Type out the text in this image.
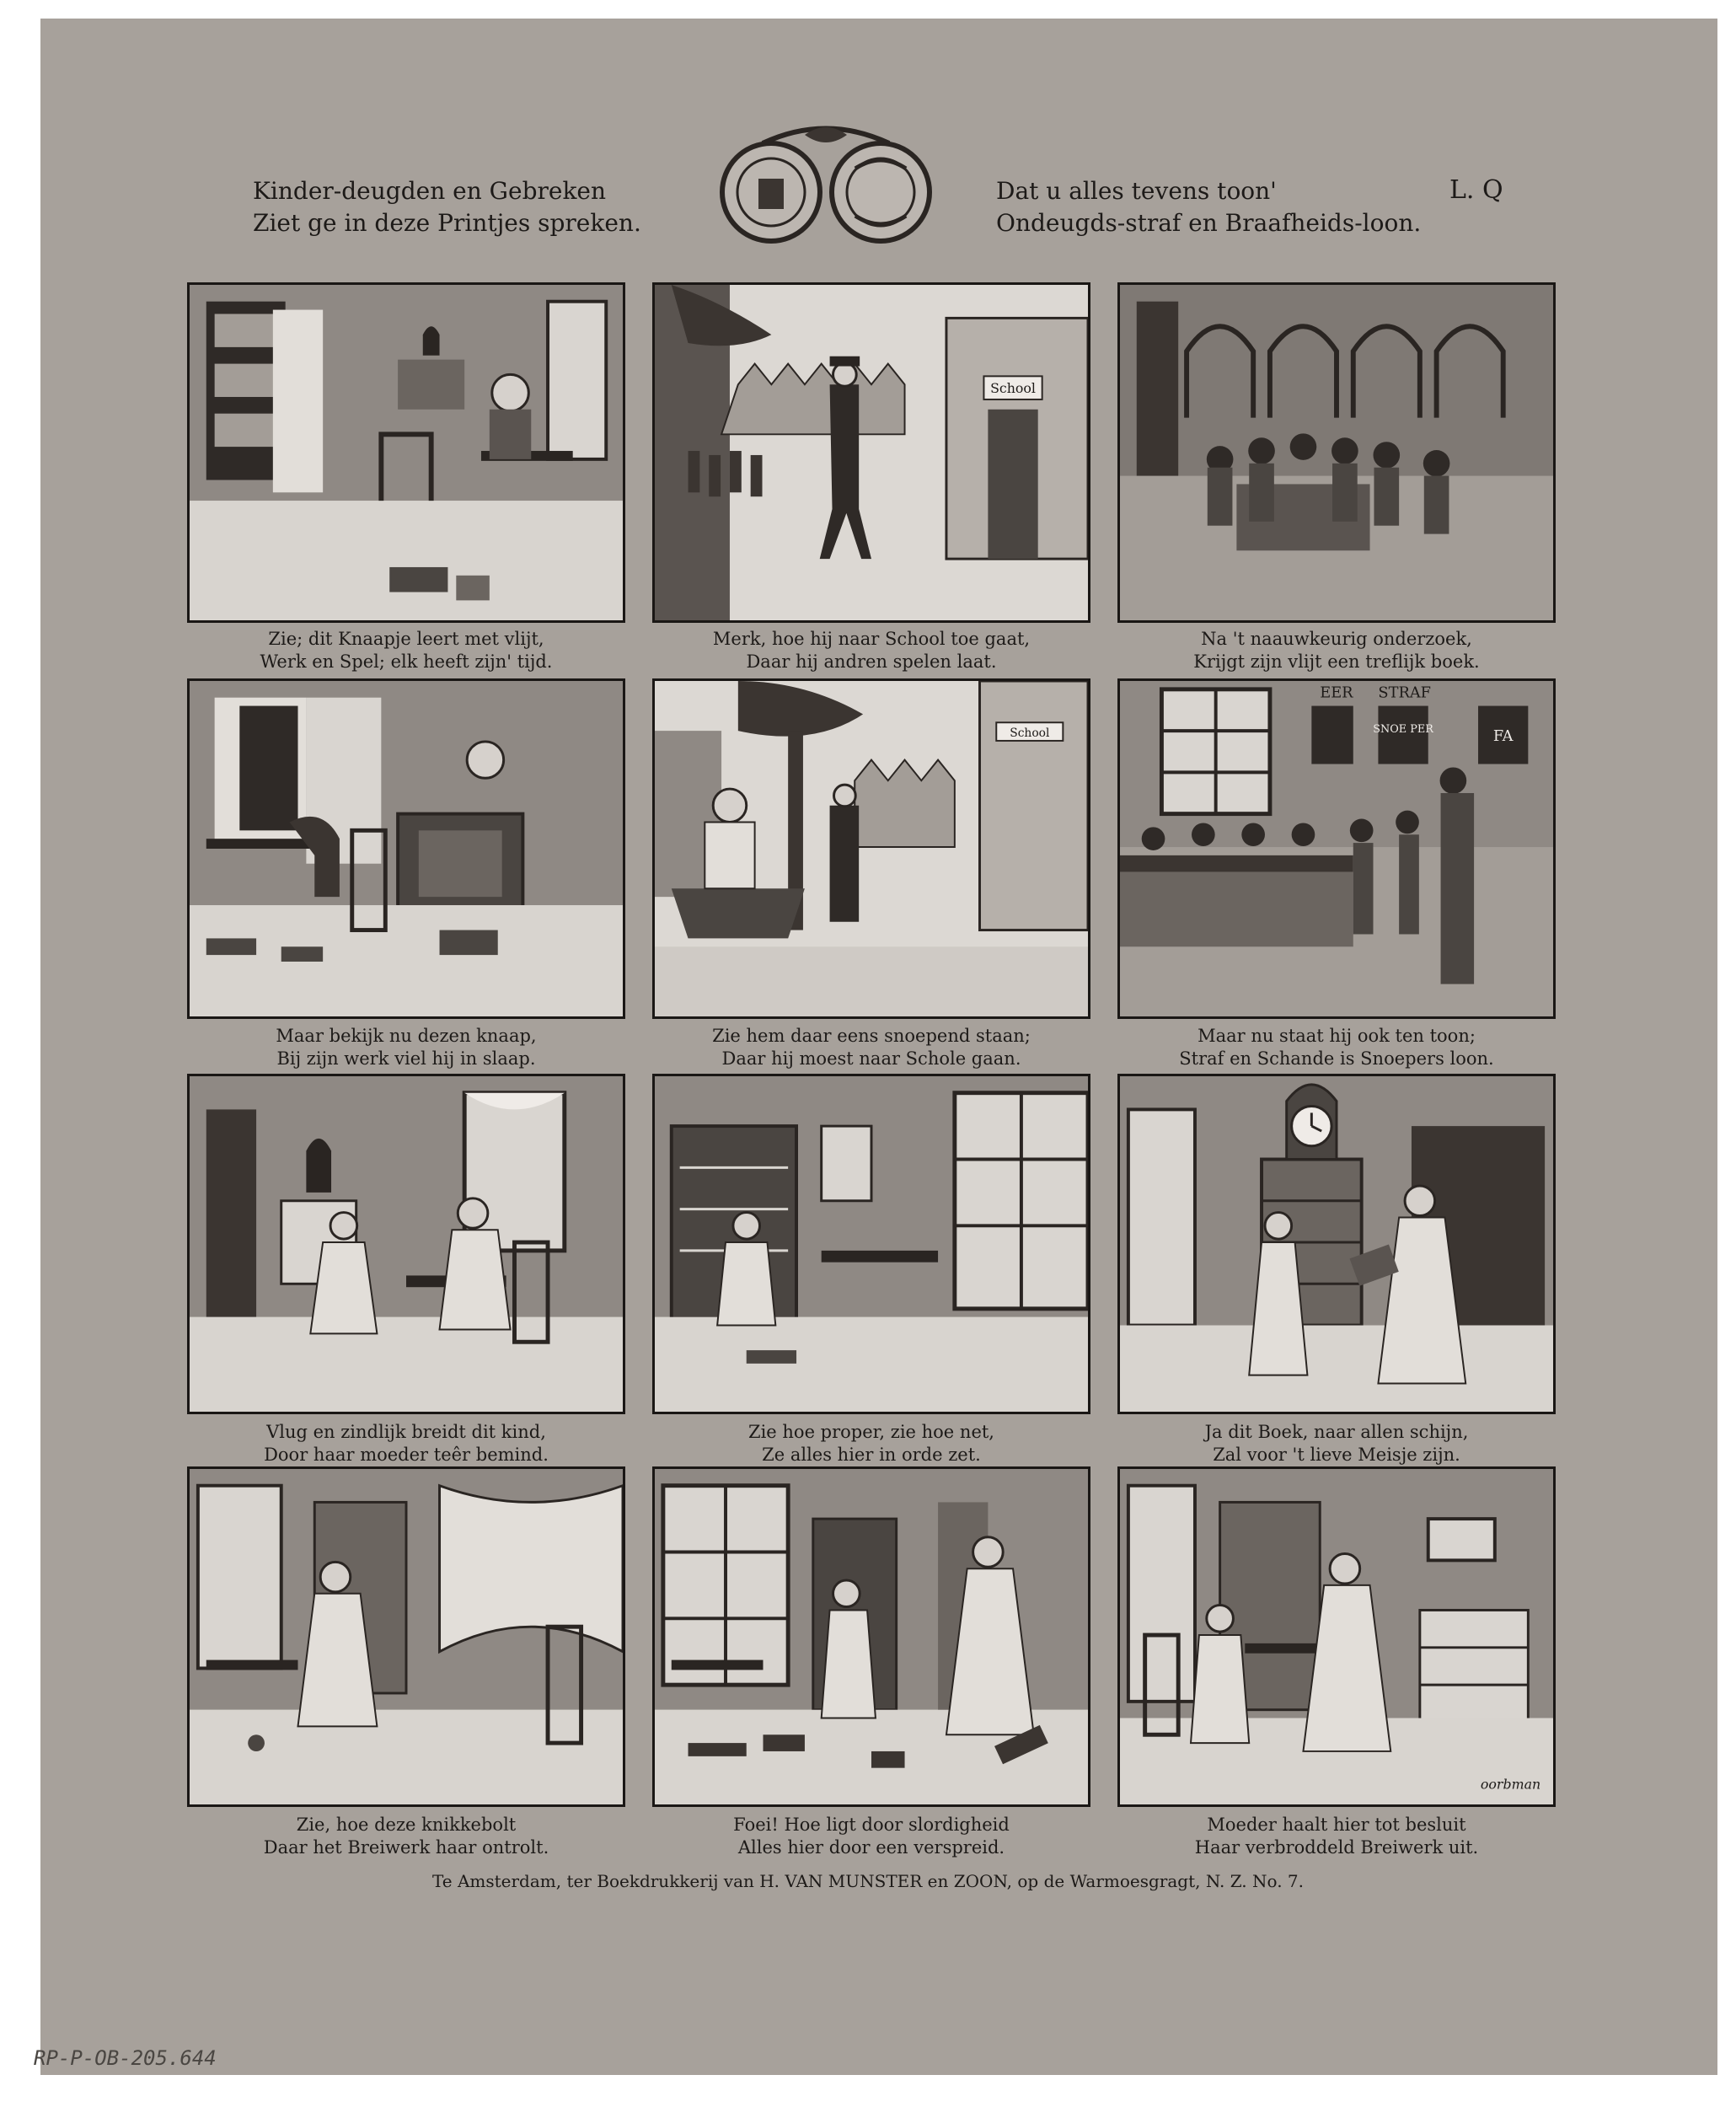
Kinder-deugden en Gebreken
Ziet ge in deze Printjes spreken.
Dat u alles tevens toon'
Ondeugds-straf en Braafheids-loon.
L. Q
Zie; dit Knaapje leert met vlijt,
Werk en Spel; elk heeft zijn' tijd.
School
Merk, hoe hij naar School toe gaat,
Daar hij andren spelen laat.
Na 't naauwkeurig onderzoek,
Krijgt zijn vlijt een treflijk boek.
Maar bekijk nu dezen knaap,
Bij zijn werk viel hij in slaap.
School
Zie hem daar eens snoepend staan;
Daar hij moest naar Schole gaan.
EER STRAF
SNOE PER	FA
Maar nu staat hij ook ten toon;
Straf en Schande is Snoepers loon.
Vlug en zindlijk breidt dit kind,
Door haar moeder teêr bemind.
Zie hoe proper, zie hoe net,
Ze alles hier in orde zet.
Ja dit Boek, naar allen schijn,
Zal voor 't lieve Meisje zijn.
Zie, hoe deze knikkebolt
Daar het Breiwerk haar ontrolt.
Foei! Hoe ligt door slordigheid
Alles hier door een verspreid.
oorbman
Moeder haalt hier tot besluit
Haar verbroddeld Breiwerk uit.
Te Amsterdam, ter Boekdrukkerij van H. VAN MUNSTER en ZOON, op de Warmoesgragt, N. Z. No. 7.
RP-P-OB-205.644
